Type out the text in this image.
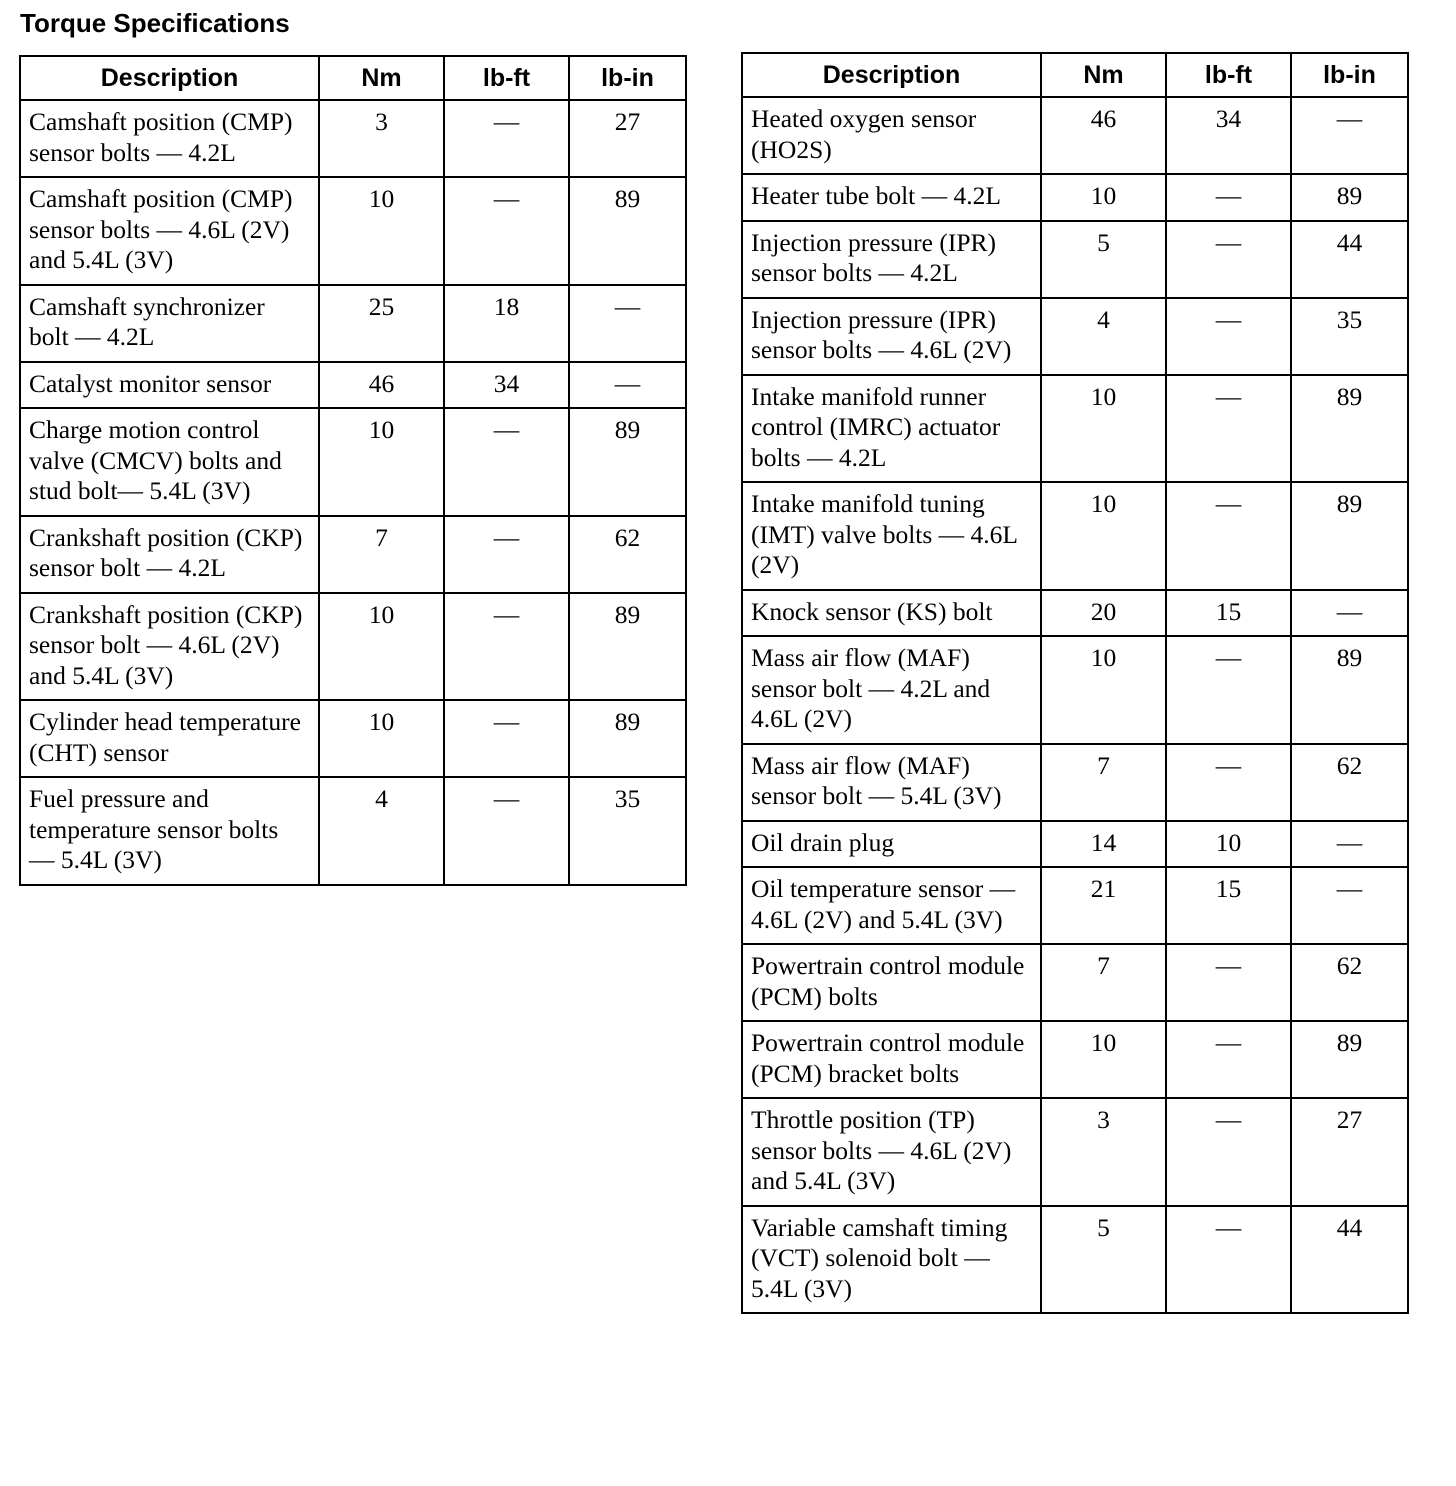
Torque Specifications
Description	Nm	lb-ft	lb-in
Camshaft position (CMP) sensor bolts — 4.2L	3	—	27
Camshaft position (CMP) sensor bolts — 4.6L (2V) and 5.4L (3V)	10	—	89
Camshaft synchronizer bolt — 4.2L	25	18	—
Catalyst monitor sensor	46	34	—
Charge motion control valve (CMCV) bolts and stud bolt— 5.4L (3V)	10	—	89
Crankshaft position (CKP) sensor bolt — 4.2L	7	—	62
Crankshaft position (CKP) sensor bolt — 4.6L (2V) and 5.4L (3V)	10	—	89
Cylinder head temperature (CHT) sensor	10	—	89
Fuel pressure and temperature sensor bolts — 5.4L (3V)	4	—	35
Description	Nm	lb-ft	lb-in
Heated oxygen sensor (HO2S)	46	34	—
Heater tube bolt — 4.2L	10	—	89
Injection pressure (IPR) sensor bolts — 4.2L	5	—	44
Injection pressure (IPR) sensor bolts — 4.6L (2V)	4	—	35
Intake manifold runner control (IMRC) actuator bolts — 4.2L	10	—	89
Intake manifold tuning (IMT) valve bolts — 4.6L (2V)	10	—	89
Knock sensor (KS) bolt	20	15	—
Mass air flow (MAF) sensor bolt — 4.2L and 4.6L (2V)	10	—	89
Mass air flow (MAF) sensor bolt — 5.4L (3V)	7	—	62
Oil drain plug	14	10	—
Oil temperature sensor — 4.6L (2V) and 5.4L (3V)	21	15	—
Powertrain control module (PCM) bolts	7	—	62
Powertrain control module (PCM) bracket bolts	10	—	89
Throttle position (TP) sensor bolts — 4.6L (2V) and 5.4L (3V)	3	—	27
Variable camshaft timing (VCT) solenoid bolt — 5.4L (3V)	5	—	44
